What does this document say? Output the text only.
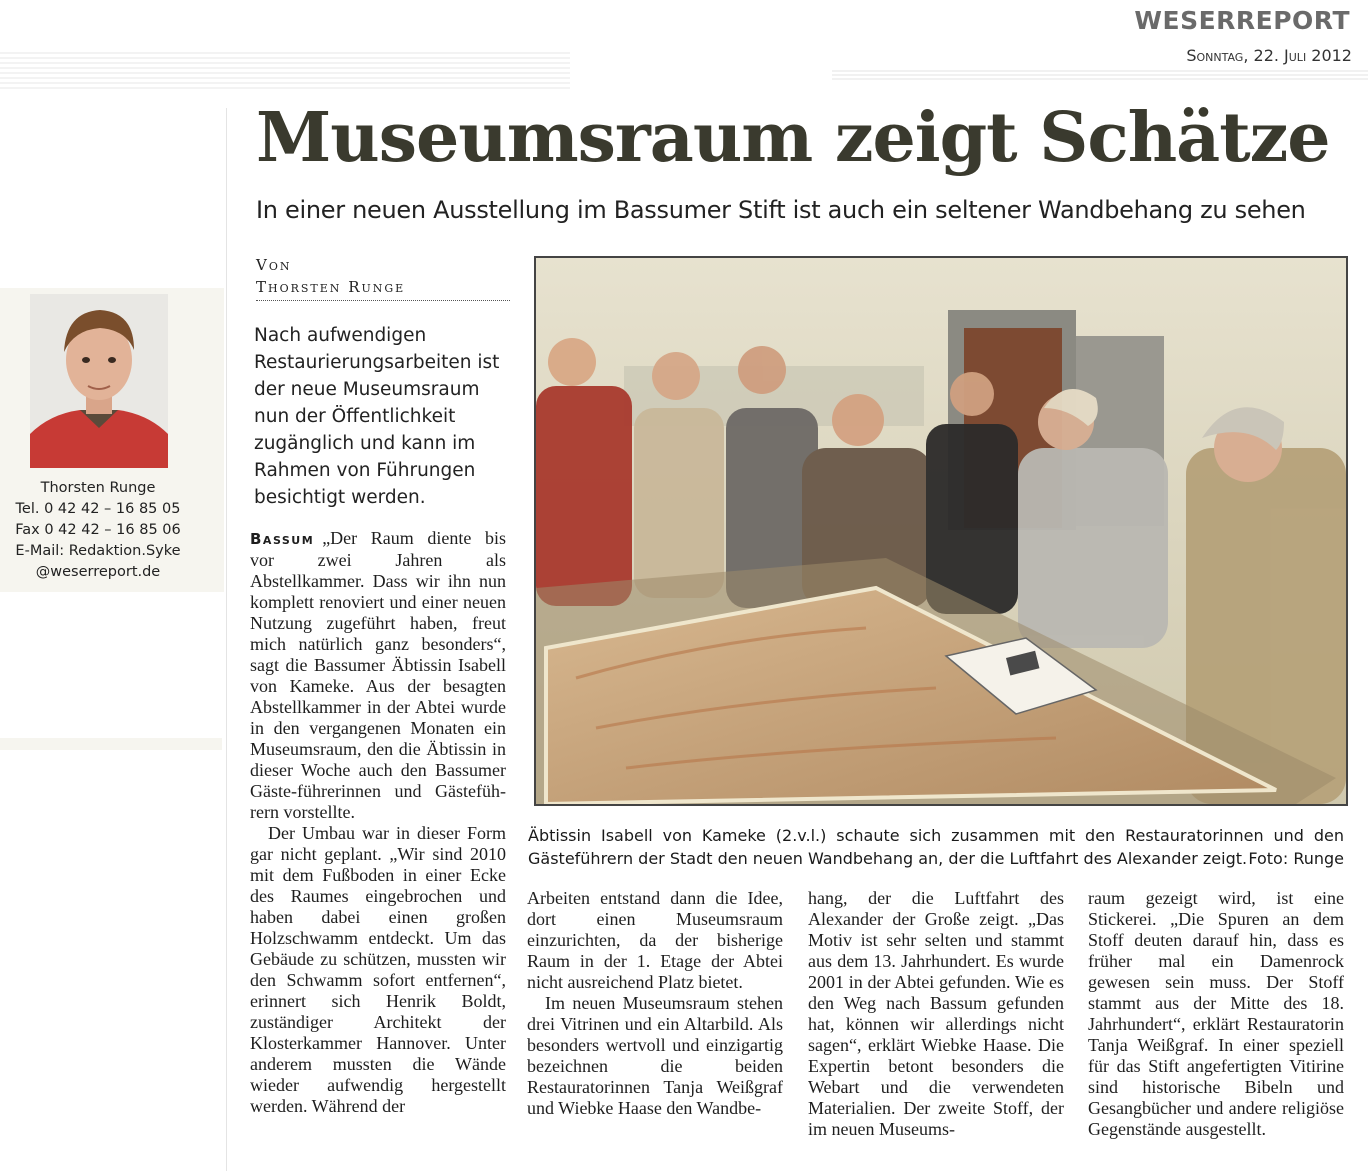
WESERREPORT
Sonntag, 22. Juli 2012
Museumsraum zeigt Schätze
In einer neuen Ausstellung im Bassumer Stift ist auch ein seltener Wandbehang zu sehen
Von
Thorsten Runge
Nach aufwendigen Restaurierungsarbeiten ist der neue Museumsraum nun der Öffentlichkeit zugänglich und kann im Rahmen von Führungen besichtigt werden.
Thorsten Runge
Tel. 0 42 42 – 16 85 05
Fax 0 42 42 – 16 85 06
E-Mail: Redaktion.Syke
@weserreport.de
Äbtissin Isabell von Kameke (2.v.l.) schaute sich zusammen mit den Restauratorinnen und den Gästeführern der Stadt den neuen Wandbehang an, der die Luftfahrt des Alexander zeigt. Foto: Runge

Bassum „Der Raum diente bis vor zwei Jahren als Abstellkammer. Dass wir ihn nun komplett renoviert und einer neuen Nutzung zugeführt haben, freut mich natürlich ganz besonders“, sagt die Bassumer Äbtissin Isabell von Kameke. Aus der besagten Abstellkammer in der Abtei wurde in den vergangenen Monaten ein Museumsraum, den die Äbtissin in dieser Woche auch den Bassumer Gäste-führerinnen und Gästefüh-rern vorstellte.

Der Umbau war in dieser Form gar nicht geplant. „Wir sind 2010 mit dem Fußboden in einer Ecke des Raumes eingebrochen und haben dabei einen großen Holzschwamm entdeckt. Um das Gebäude zu schützen, mussten wir den Schwamm sofort entfernen“, erinnert sich Henrik Boldt, zuständiger Architekt der Klosterkammer Hannover. Unter anderem mussten die Wände wieder aufwendig hergestellt werden. Während der

Arbeiten entstand dann die Idee, dort einen Museumsraum einzurichten, da der bisherige Raum in der 1. Etage der Abtei nicht ausreichend Platz bietet.

Im neuen Museumsraum stehen drei Vitrinen und ein Altarbild. Als besonders wertvoll und einzigartig bezeichnen die beiden Restauratorinnen Tanja Weißgraf und Wiebke Haase den Wandbe-

hang, der die Luftfahrt des Alexander der Große zeigt. „Das Motiv ist sehr selten und stammt aus dem 13. Jahrhundert. Es wurde 2001 in der Abtei gefunden. Wie es den Weg nach Bassum gefunden hat, können wir allerdings nicht sagen“, erklärt Wiebke Haase. Die Expertin betont besonders die Webart und die verwendeten Materialien. Der zweite Stoff, der im neuen Museums-

raum gezeigt wird, ist eine Stickerei. „Die Spuren an dem Stoff deuten darauf hin, dass es früher mal ein Damenrock gewesen sein muss. Der Stoff stammt aus der Mitte des 18. Jahrhundert“, erklärt Restauratorin Tanja Weißgraf. In einer speziell für das Stift angefertigten Vitirine sind historische Bibeln und Gesangbücher und andere religiöse Gegenstände ausgestellt.
